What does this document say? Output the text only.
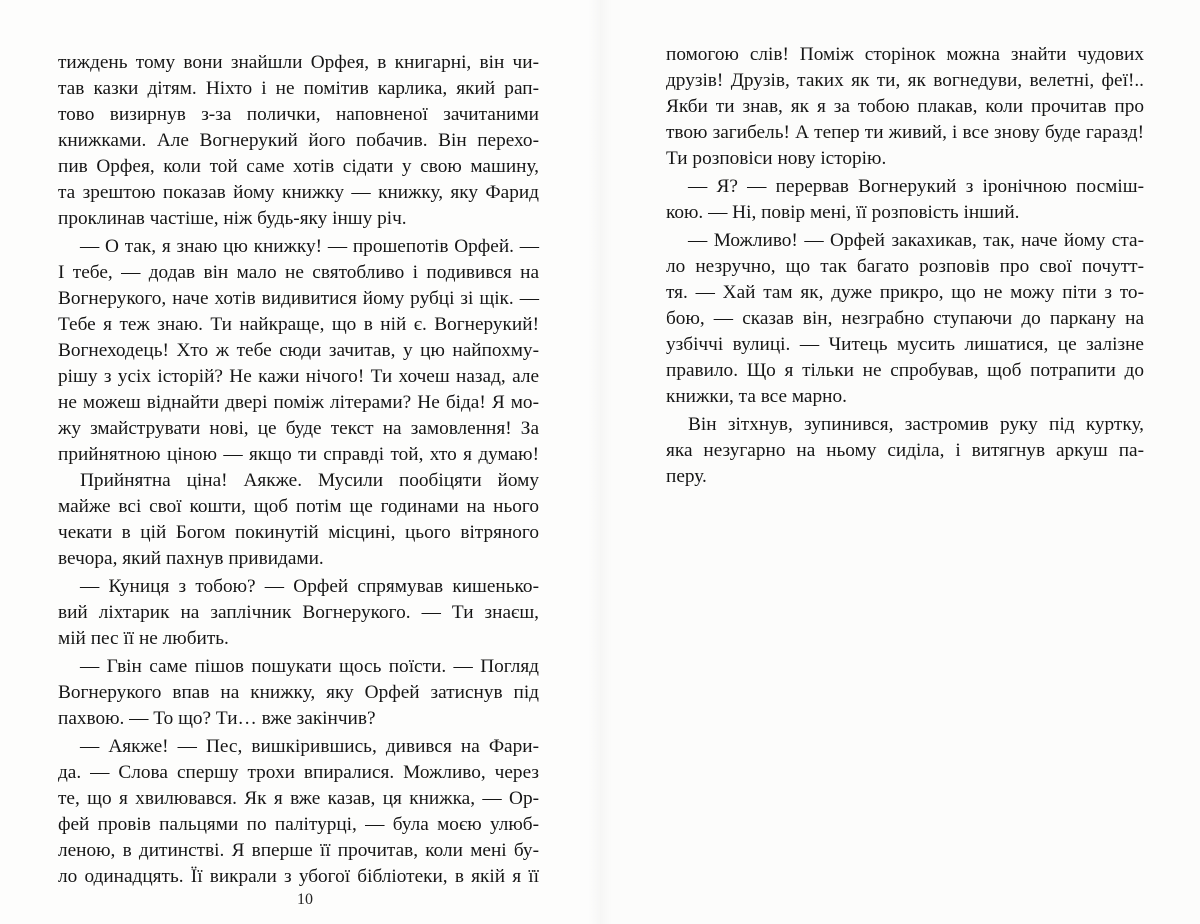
тиждень тому вони знайшли Орфея, в книгарні, він чи-

тав казки дітям. Ніхто і не помітив карлика, який рап-

тово визирнув з-за полички, наповненої зачитаними

книжками. Але Вогнерукий його побачив. Він перехо-

пив Орфея, коли той саме хотів сідати у свою машину,

та зрештою показав йому книжку — книжку, яку Фарид

проклинав частіше, ніж будь-яку іншу річ.

— О так, я знаю цю книжку! — прошепотів Орфей. —

І тебе, — додав він мало не святобливо і подивився на

Вогнерукого, наче хотів видивитися йому рубці зі щік. —

Тебе я теж знаю. Ти найкраще, що в ній є. Вогнерукий!

Вогнеходець! Хто ж тебе сюди зачитав, у цю найпохму-

рішу з усіх історій? Не кажи нічого! Ти хочеш назад, але

не можеш віднайти двері поміж літерами? Не біда! Я мо-

жу змайструвати нові, це буде текст на замовлення! За

прийнятною ціною — якщо ти справді той, хто я думаю!

Прийнятна ціна! Аякже. Мусили пообіцяти йому

майже всі свої кошти, щоб потім ще годинами на нього

чекати в цій Богом покинутій місцині, цього вітряного

вечора, який пахнув привидами.

— Куниця з тобою? — Орфей спрямував кишенько-

вий ліхтарик на заплічник Вогнерукого. — Ти знаєш,

мій пес її не любить.

— Гвін саме пішов пошукати щось поїсти. — Погляд

Вогнерукого впав на книжку, яку Орфей затиснув під

пахвою. — То що? Ти… вже закінчив?

— Аякже! — Пес, вишкірившись, дивився на Фари-

да. — Слова спершу трохи впиралися. Можливо, через

те, що я хвилювався. Як я вже казав, ця книжка, — Ор-

фей провів пальцями по палітурці, — була моєю улюб-

леною, в дитинстві. Я вперше її прочитав, коли мені бу-

ло одинадцять. Її викрали з убогої бібліотеки, в якій я її

10

помогою слів! Поміж сторінок можна знайти чудових

друзів! Друзів, таких як ти, як вогнедуви, велетні, феї!..

Якби ти знав, як я за тобою плакав, коли прочитав про

твою загибель! А тепер ти живий, і все знову буде гаразд!

Ти розповіси нову історію.

— Я? — перервав Вогнерукий з іронічною посміш-

кою. — Ні, повір мені, її розповість інший.

— Можливо! — Орфей закахикав, так, наче йому ста-

ло незручно, що так багато розповів про свої почутт-

тя. — Хай там як, дуже прикро, що не можу піти з то-

бою, — сказав він, незграбно ступаючи до паркану на

узбіччі вулиці. — Читець мусить лишатися, це залізне

правило. Що я тільки не спробував, щоб потрапити до

книжки, та все марно.

Він зітхнув, зупинився, застромив руку під куртку,

яка незугарно на ньому сиділа, і витягнув аркуш па-

перу.
